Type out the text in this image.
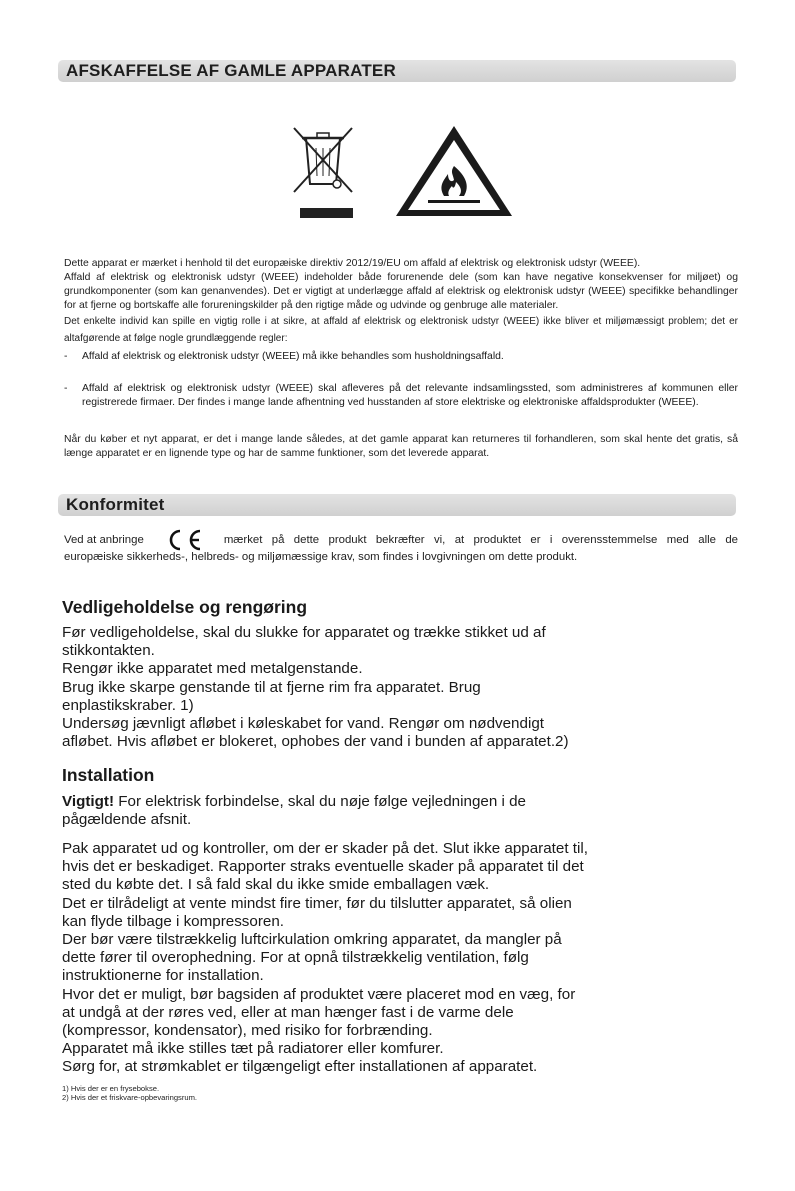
AFSKAFFELSE AF GAMLE APPARATER

Dette apparat er mærket i henhold til det europæiske direktiv 2012/19/EU om affald af elektrisk og elektronisk udstyr (WEEE).

Affald af elektrisk og elektronisk udstyr (WEEE) indeholder både forurenende dele (som kan have negative konsekvenser for miljøet) og grundkomponenter (som kan genanvendes). Det er vigtigt at underlægge affald af elektrisk og elektronisk udstyr (WEEE) specifikke behandlinger for at fjerne og bortskaffe alle forureningskilder på den rigtige måde og udvinde og genbruge alle materialer.

Det enkelte individ kan spille en vigtig rolle i at sikre, at affald af elektrisk og elektronisk udstyr (WEEE) ikke bliver et miljømæssigt problem; det er altafgørende at følge nogle grundlæggende regler:

-	Affald af elektrisk og elektronisk udstyr (WEEE) må ikke behandles som husholdningsaffald.
-	Affald af elektrisk og elektronisk udstyr (WEEE) skal afleveres på det relevante indsamlingssted, som administreres af kommunen eller registrerede firmaer. Der findes i mange lande afhentning ved husstanden af store elektriske og elektroniske affaldsprodukter (WEEE).
Når du køber et nyt apparat, er det i mange lande således, at det gamle apparat kan returneres til forhandleren, som skal hente det gratis, så længe apparatet er en lignende type og har de samme funktioner, som det leverede apparat.
Konformitet
Ved at anbringe	mærket på dette produkt bekræfter vi, at produktet er i overensstemmelse med alle de
europæiske sikkerheds-, helbreds- og miljømæssige krav, som findes i lovgivningen om dette produkt.
Vedligeholdelse og rengøring

Før vedligeholdelse, skal du slukke for apparatet og trække stikket ud af

stikkontakten.

Rengør ikke apparatet med metalgenstande.

Brug ikke skarpe genstande til at fjerne rim fra apparatet. Brug

enplastikskraber. 1)

Undersøg jævnligt afløbet i køleskabet for vand. Rengør om nødvendigt

afløbet. Hvis afløbet er blokeret, ophobes der vand i bunden af apparatet.2)

Installation

Vigtigt! For elektrisk forbindelse, skal du nøje følge vejledningen i de

pågældende afsnit.

Pak apparatet ud og kontroller, om der er skader på det. Slut ikke apparatet til,

hvis det er beskadiget. Rapporter straks eventuelle skader på apparatet til det

sted du købte det. I så fald skal du ikke smide emballagen væk.

Det er tilrådeligt at vente mindst fire timer, før du tilslutter apparatet, så olien

kan flyde tilbage i kompressoren.

Der bør være tilstrækkelig luftcirkulation omkring apparatet, da mangler på

dette fører til overophedning. For at opnå tilstrækkelig ventilation, følg

instruktionerne for installation.

Hvor det er muligt, bør bagsiden af produktet være placeret mod en væg, for

at undgå at der røres ved, eller at man hænger fast i de varme dele

(kompressor, kondensator), med risiko for forbrænding.

Apparatet må ikke stilles tæt på radiatorer eller komfurer.

Sørg for, at strømkablet er tilgængeligt efter installationen af apparatet.

1) Hvis der er en frysebokse.

2) Hvis der et friskvare-opbevaringsrum.
